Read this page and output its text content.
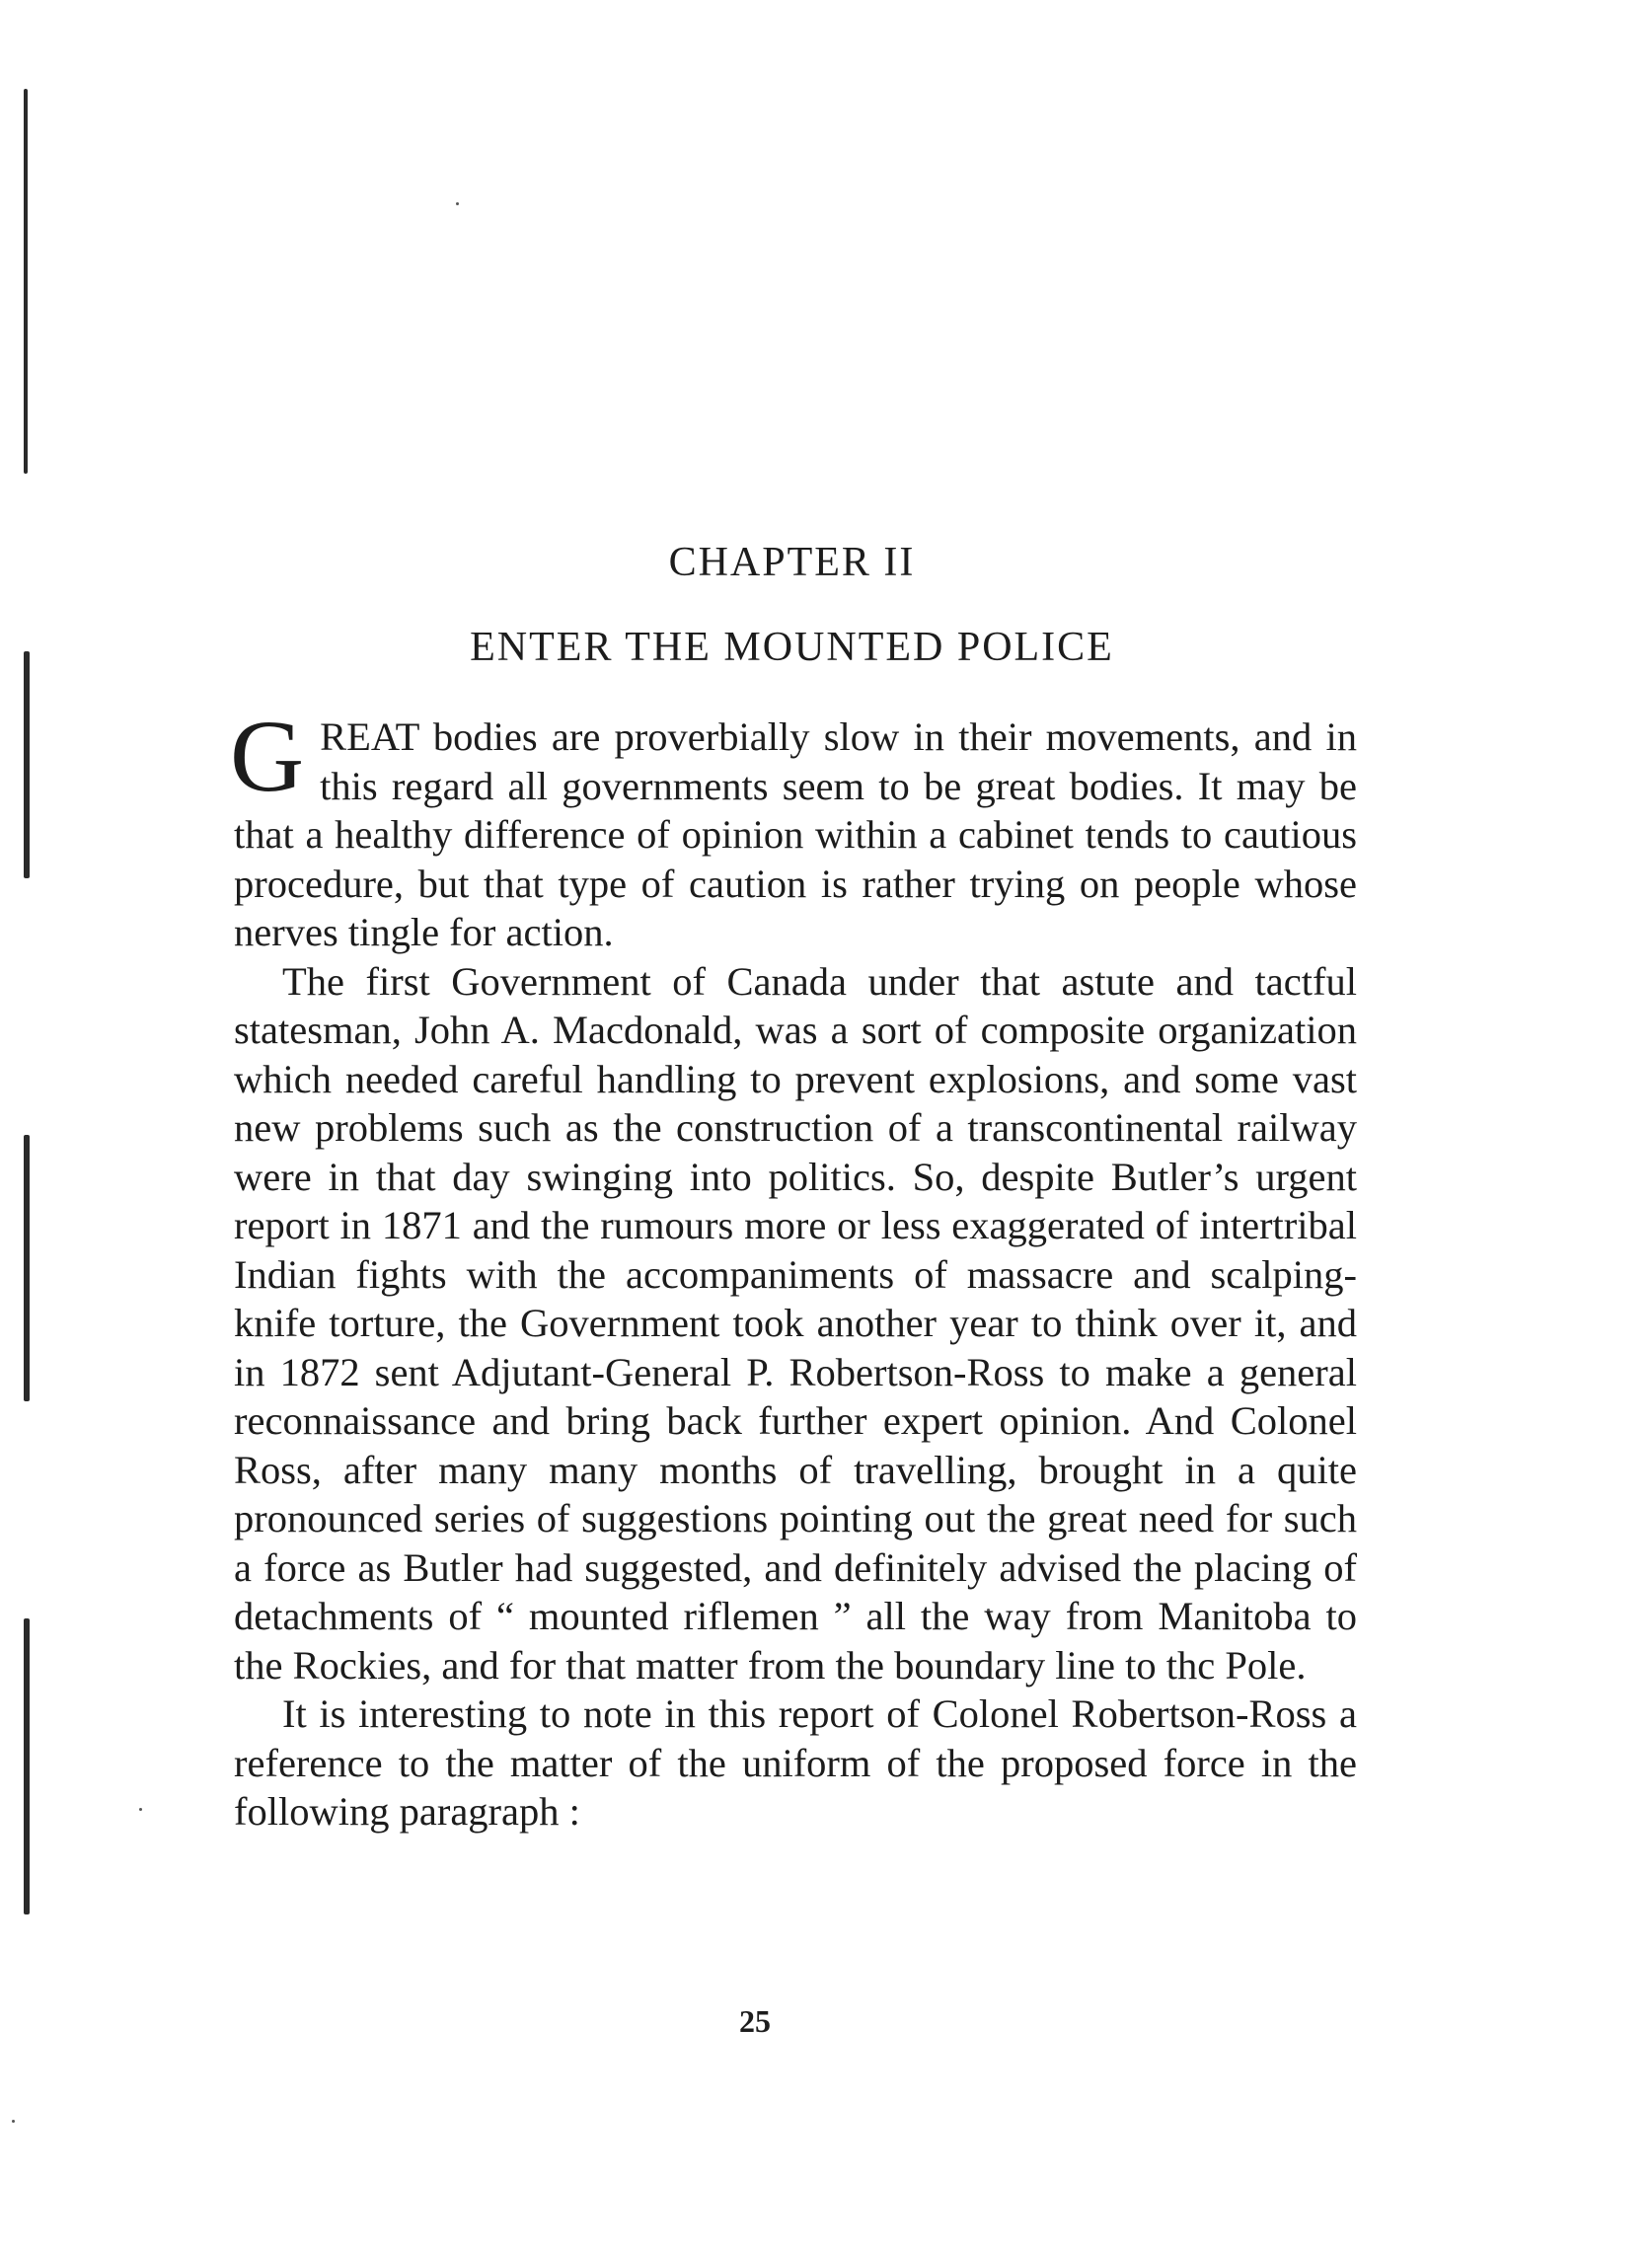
CHAPTER II
ENTER THE MOUNTED POLICE

GREAT bodies are proverbially slow in their movements, and in this regard all governments seem to be great bodies. It may be that a healthy difference of opinion within a cabinet tends to cautious procedure, but that type of caution is rather trying on people whose nerves tingle for action.

The first Government of Canada under that astute and tactful statesman, John A. Macdonald, was a sort of composite organization which needed careful handling to prevent explosions, and some vast new problems such as the construction of a transcontinental railway were in that day swinging into politics. So, despite Butler’s urgent report in 1871 and the rumours more or less exaggerated of intertribal Indian fights with the accompaniments of massacre and scalping-knife torture, the Government took another year to think over it, and in 1872 sent Adjutant-General P. Robertson-Ross to make a general reconnaissance and bring back further expert opinion. And Colonel Ross, after many many months of travelling, brought in a quite pronounced series of suggestions pointing out the great need for such a force as Butler had suggested, and definitely advised the placing of detachments of “ mounted riflemen ” all the way from Manitoba to the Rockies, and for that matter from the boundary line to thc Pole.

It is interesting to note in this report of Colonel Robertson-Ross a reference to the matter of the uniform of the proposed force in the following paragraph :

25
